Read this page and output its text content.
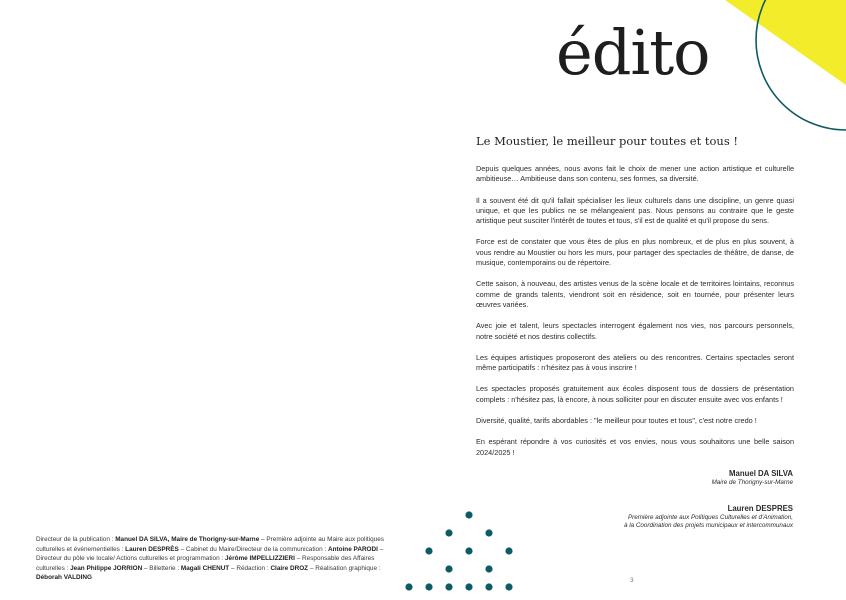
édito
Le Moustier, le meilleur pour toutes et tous !

Depuis quelques années, nous avons fait le choix de mener une action artistique et culturelle ambitieuse… Ambitieuse dans son contenu, ses formes, sa diversité.

Il a souvent été dit qu'il fallait spécialiser les lieux culturels dans une discipline, un genre quasi unique, et que les publics ne se mélangeaient pas. Nous pensons au contraire que le geste artistique peut susciter l'intérêt de toutes et tous, s'il est de qualité et qu'il propose du sens.

Force est de constater que vous êtes de plus en plus nombreux, et de plus en plus souvent, à vous rendre au Moustier ou hors les murs, pour partager des spectacles de théâtre, de danse, de musique, contemporains ou de répertoire.

Cette saison, à nouveau, des artistes venus de la scène locale et de territoires lointains, reconnus comme de grands talents, viendront soit en résidence, soit en tournée, pour présenter leurs œuvres variées.

Avec joie et talent, leurs spectacles interrogent également nos vies, nos parcours personnels, notre société et nos destins collectifs.

Les équipes artistiques proposeront des ateliers ou des rencontres. Certains spectacles seront même participatifs : n'hésitez pas à vous inscrire !

Les spectacles proposés gratuitement aux écoles disposent tous de dossiers de présentation complets : n'hésitez pas, là encore, à nous solliciter pour en discuter ensuite avec vos enfants !

Diversité, qualité, tarifs abordables : "le meilleur pour toutes et tous", c'est notre credo !

En espérant répondre à vos curiosités et vos envies, nous vous souhaitons une belle saison 2024/2025 !

Manuel DA SILVA
Maire de Thorigny-sur-Marne
Lauren DESPRES
Première adjointe aux Politiques Culturelles et d'Animation,
à la Coordination des projets municipaux et intercommunaux
Directeur de la publication : Manuel DA SILVA, Maire de Thorigny-sur-Marne – Première adjointe au Maire aux politiques culturelles et événementielles : Lauren DESPRÈS – Cabinet du Maire/Directeur de la communication : Antoine PARODI – Directeur du pôle vie locale/ Actions culturelles et programmation : Jérôme IMPELLIZZIERI – Responsable des Affaires culturelles : Jean Philippe JORRION – Billetterie : Magali CHENUT – Rédaction : Claire DROZ – Réalisation graphique : Déborah VALDING	3
